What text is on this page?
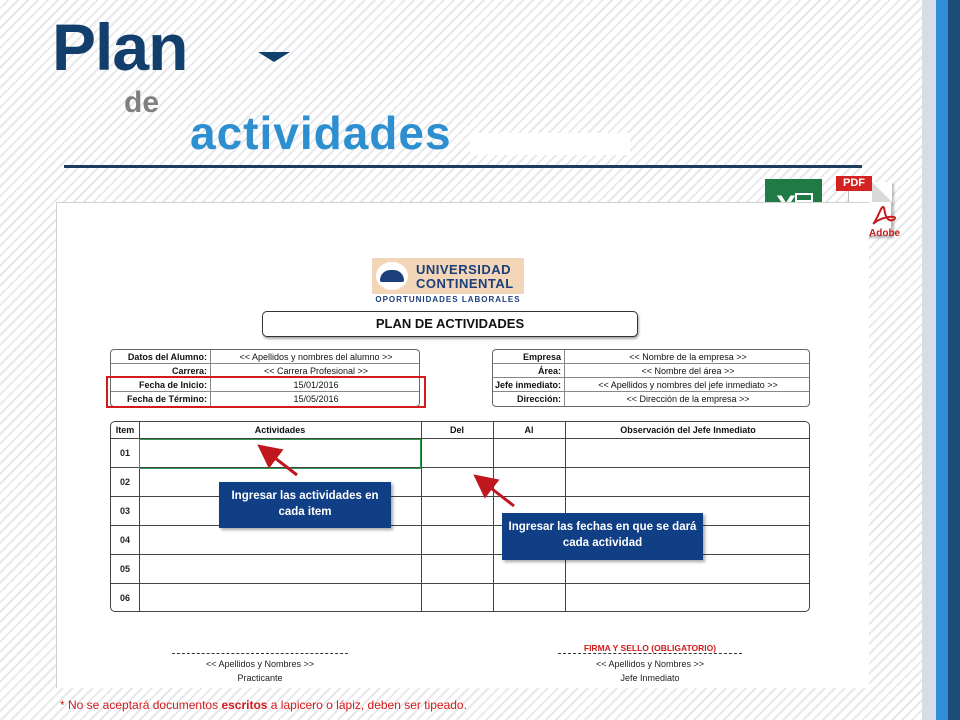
Plan
de
actividades
Adobe
PDF
UNIVERSIDAD
CONTINENTAL
OPORTUNIDADES LABORALES
PLAN DE ACTIVIDADES
Datos del Alumno:	<< Apellidos y nombres del alumno >>
Carrera:	<< Carrera Profesional >>
Fecha de Inicio:	15/01/2016
Fecha de Término:	15/05/2016
Empresa	<< Nombre de la empresa >>
Área:	<< Nombre del área >>
Jefe inmediato:	<< Apellidos y nombres del jefe inmediato >>
Dirección:	<< Dirección de la empresa >>
Item	Actividades	Del	Al	Observación del Jefe Inmediato
01
02
03
04
05
06
Ingresar las actividades en cada item
Ingresar las fechas en que se dará cada actividad
<< Apellidos y Nombres >>
Practicante
FIRMA Y SELLO (OBLIGATORIO)
<< Apellidos y Nombres >>
Jefe Inmediato
* No se aceptará documentos escritos a lapicero o lápiz, deben ser tipeado.
